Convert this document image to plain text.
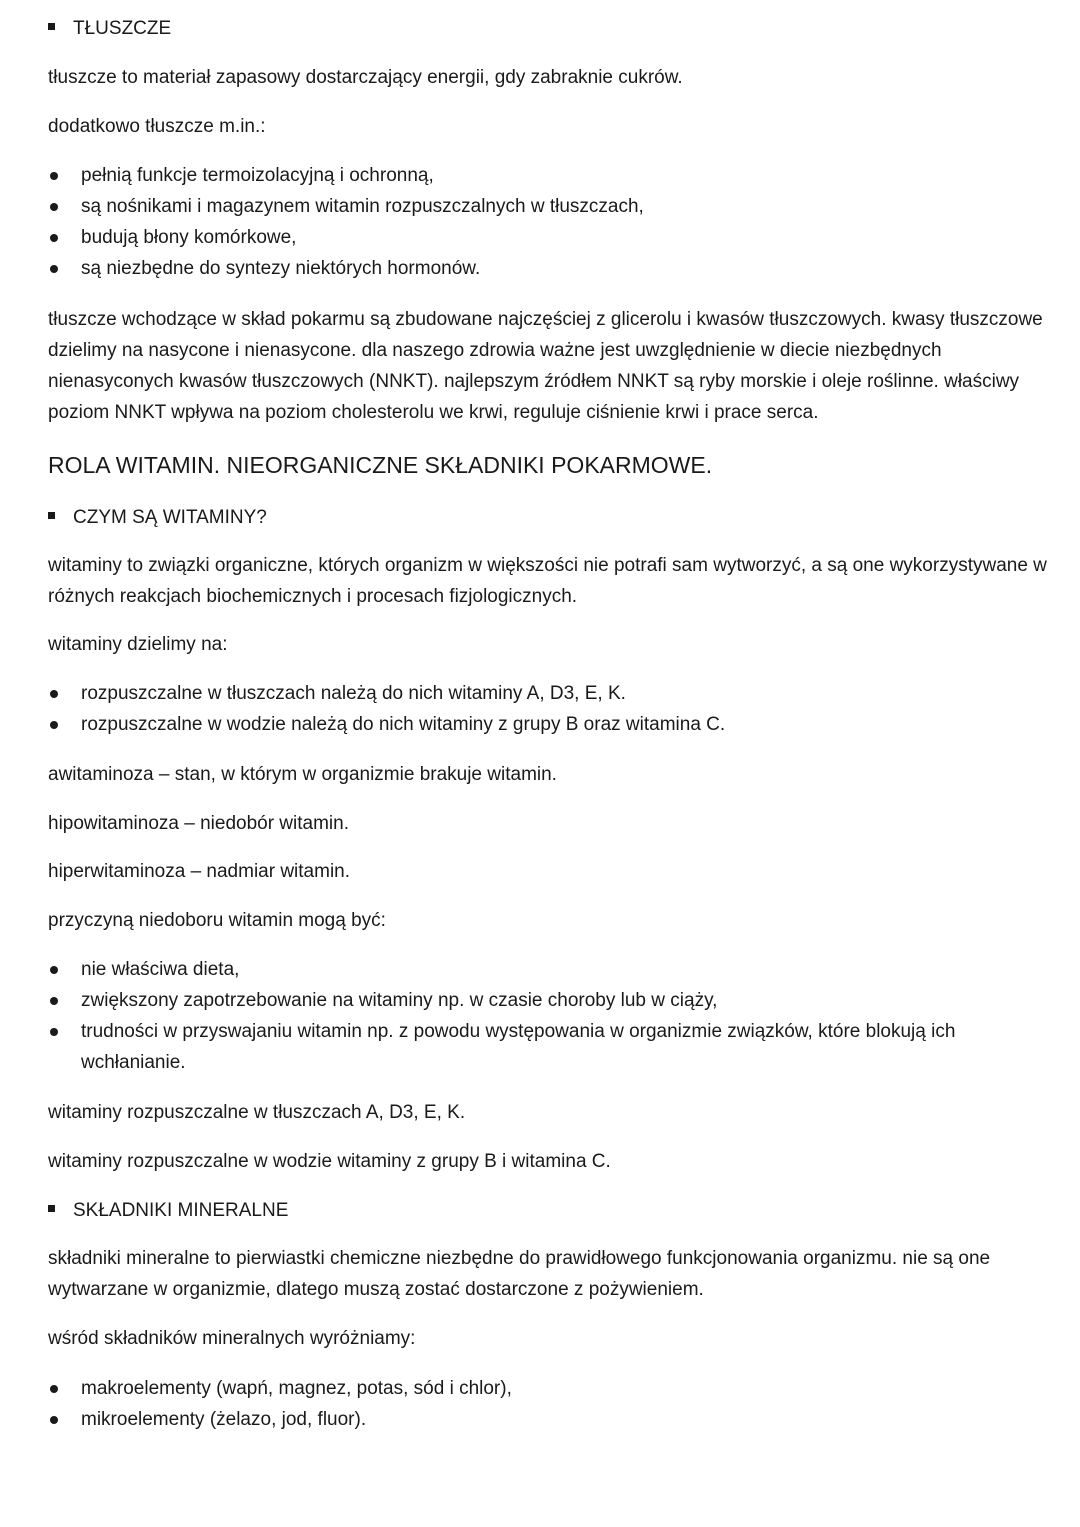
TŁUSZCZE

tłuszcze to materiał zapasowy dostarczający energii, gdy zabraknie cukrów.

dodatkowo tłuszcze m.in.:

pełnią funkcje termoizolacyjną i ochronną,
są nośnikami i magazynem witamin rozpuszczalnych w tłuszczach,
budują błony komórkowe,
są niezbędne do syntezy niektórych hormonów.

tłuszcze wchodzące w skład pokarmu są zbudowane najczęściej z glicerolu i kwasów tłuszczowych. kwasy tłuszczowe dzielimy na nasycone i nienasycone. dla naszego zdrowia ważne jest uwzględnienie w diecie niezbędnych nienasyconych kwasów tłuszczowych (NNKT). najlepszym źródłem NNKT są ryby morskie i oleje roślinne. właściwy poziom NNKT wpływa na poziom cholesterolu we krwi, reguluje ciśnienie krwi i prace serca.

ROLA WITAMIN. NIEORGANICZNE SKŁADNIKI POKARMOWE.
CZYM SĄ WITAMINY?

witaminy to związki organiczne, których organizm w większości nie potrafi sam wytworzyć, a są one wykorzystywane w różnych reakcjach biochemicznych i procesach fizjologicznych.

witaminy dzielimy na:

rozpuszczalne w tłuszczach należą do nich witaminy A, D3, E, K.
rozpuszczalne w wodzie należą do nich witaminy z grupy B oraz witamina C.

awitaminoza – stan, w którym w organizmie brakuje witamin.

hipowitaminoza – niedobór witamin.

hiperwitaminoza – nadmiar witamin.

przyczyną niedoboru witamin mogą być:

nie właściwa dieta,
zwiększony zapotrzebowanie na witaminy np. w czasie choroby lub w ciąży,
trudności w przyswajaniu witamin np. z powodu występowania w organizmie związków, które blokują ich wchłanianie.

witaminy rozpuszczalne w tłuszczach A, D3, E, K.

witaminy rozpuszczalne w wodzie witaminy z grupy B i witamina C.

SKŁADNIKI MINERALNE

składniki mineralne to pierwiastki chemiczne niezbędne do prawidłowego funkcjonowania organizmu. nie są one wytwarzane w organizmie, dlatego muszą zostać dostarczone z pożywieniem.

wśród składników mineralnych wyróżniamy:

makroelementy (wapń, magnez, potas, sód i chlor),
mikroelementy (żelazo, jod, fluor).
